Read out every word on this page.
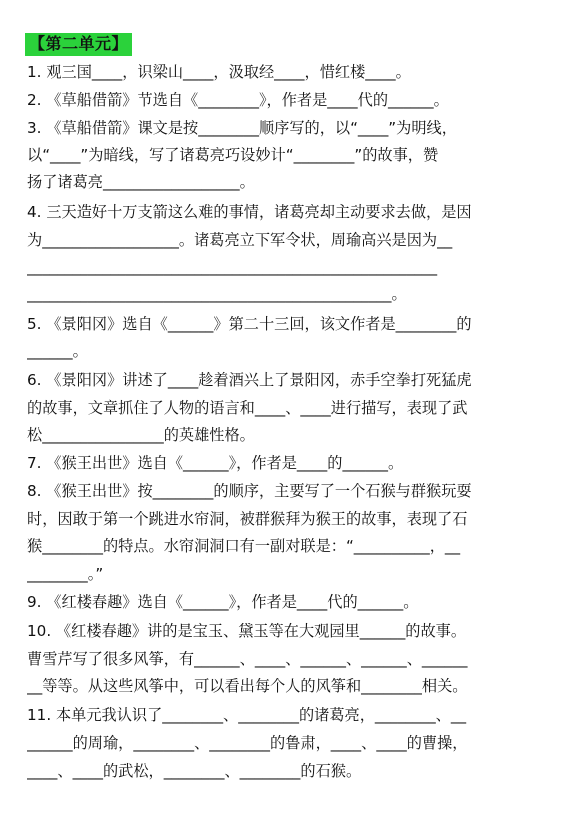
【第二单元】
1. 观三国____，识梁山____，汲取经____，惜红楼____。
2. 《草船借箭》节选自《________》，作者是____代的______。
3. 《草船借箭》课文是按________顺序写的，以“____”为明线，
以“____”为暗线，写了诸葛亮巧设妙计“________”的故事，赞
扬了诸葛亮__________________。
4. 三天造好十万支箭这么难的事情，诸葛亮却主动要求去做，是因
为__________________。诸葛亮立下军令状，周瑜高兴是因为__
______________________________________________________
________________________________________________。
5. 《景阳冈》选自《______》第二十三回，该文作者是________的
______。
6. 《景阳冈》讲述了____趁着酒兴上了景阳冈，赤手空拳打死猛虎
的故事，文章抓住了人物的语言和____、____进行描写，表现了武
松________________的英雄性格。
7. 《猴王出世》选自《______》，作者是____的______。
8. 《猴王出世》按________的顺序，主要写了一个石猴与群猴玩耍
时，因敢于第一个跳进水帘洞，被群猴拜为猴王的故事，表现了石
猴________的特点。水帘洞洞口有一副对联是：“__________，__
________。”
9. 《红楼春趣》选自《______》，作者是____代的______。
10. 《红楼春趣》讲的是宝玉、黛玉等在大观园里______的故事。
曹雪芹写了很多风筝，有______、____、______、______、______
__等等。从这些风筝中，可以看出每个人的风筝和________相关。
11. 本单元我认识了________、________的诸葛亮，________、__
______的周瑜，________、________的鲁肃，____、____的曹操，
____、____的武松，________、________的石猴。
